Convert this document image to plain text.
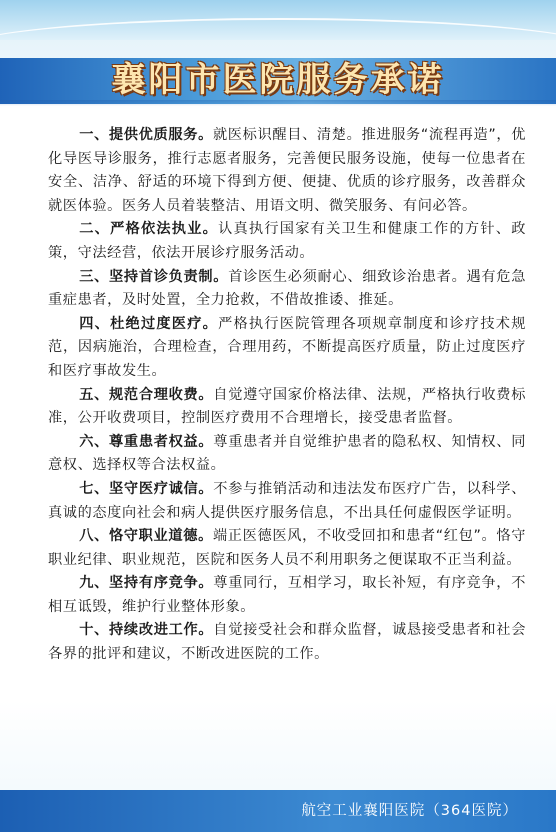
襄阳市医院服务承诺

一、提供优质服务。就医标识醒目、清楚。推进服务“流程再造”，优化导医导诊服务，推行志愿者服务，完善便民服务设施，使每一位患者在安全、洁净、舒适的环境下得到方便、便捷、优质的诊疗服务，改善群众就医体验。医务人员着装整洁、用语文明、微笑服务、有问必答。

二、严格依法执业。认真执行国家有关卫生和健康工作的方针、政策，守法经营，依法开展诊疗服务活动。

三、坚持首诊负责制。首诊医生必须耐心、细致诊治患者。遇有危急重症患者，及时处置，全力抢救，不借故推诿、推延。

四、杜绝过度医疗。严格执行医院管理各项规章制度和诊疗技术规范，因病施治，合理检查，合理用药，不断提高医疗质量，防止过度医疗和医疗事故发生。

五、规范合理收费。自觉遵守国家价格法律、法规，严格执行收费标准，公开收费项目，控制医疗费用不合理增长，接受患者监督。

六、尊重患者权益。尊重患者并自觉维护患者的隐私权、知情权、同意权、选择权等合法权益。

七、坚守医疗诚信。不参与推销活动和违法发布医疗广告，以科学、真诚的态度向社会和病人提供医疗服务信息，不出具任何虚假医学证明。

八、恪守职业道德。端正医德医风，不收受回扣和患者“红包”。恪守职业纪律、职业规范，医院和医务人员不利用职务之便谋取不正当利益。

九、坚持有序竞争。尊重同行，互相学习，取长补短，有序竞争，不相互诋毁，维护行业整体形象。

十、持续改进工作。自觉接受社会和群众监督，诚恳接受患者和社会各界的批评和建议，不断改进医院的工作。

航空工业襄阳医院（364医院）
